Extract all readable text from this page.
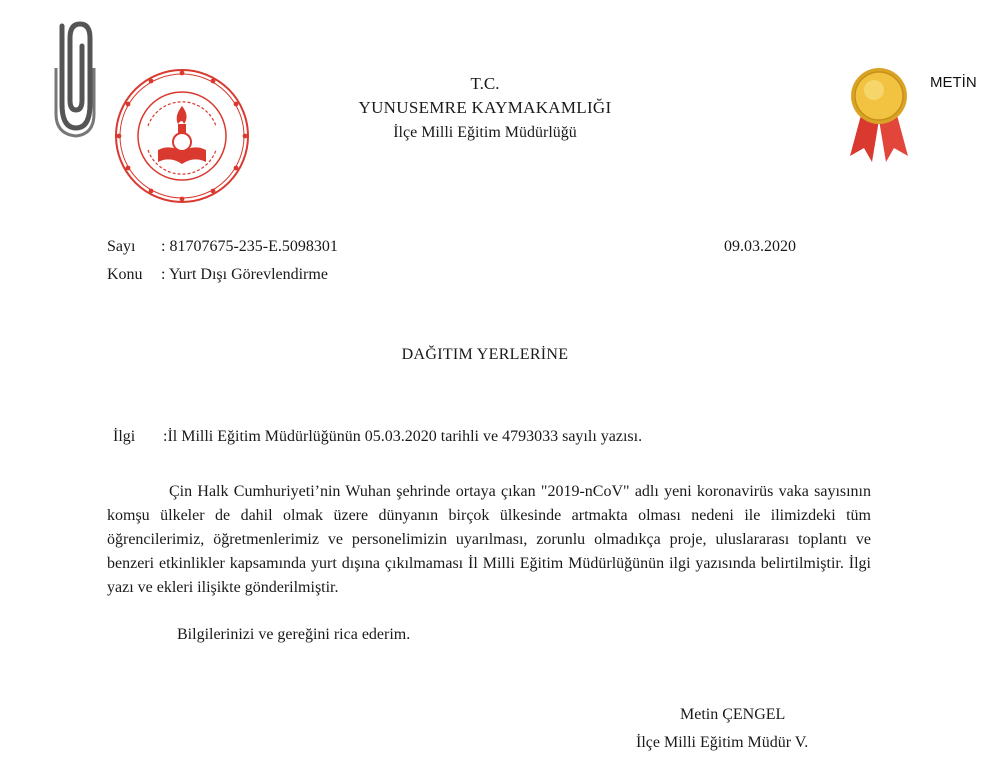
T.C.
YUNUSEMRE KAYMAKAMLIĞI
İlçe Milli Eğitim Müdürlüğü
METİN
Sayı : 81707675-235-E.5098301	09.03.2020
Konu : Yurt Dışı Görevlendirme
DAĞITIM YERLERİNE
İlgi :İl Milli Eğitim Müdürlüğünün 05.03.2020 tarihli ve 4793033 sayılı yazısı.
Çin Halk Cumhuriyeti’nin Wuhan şehrinde ortaya çıkan "2019-nCoV" adlı yeni koronavirüs vaka sayısının komşu ülkeler de dahil olmak üzere dünyanın birçok ülkesinde artmakta olması nedeni ile ilimizdeki tüm öğrencilerimiz, öğretmenlerimiz ve personelimizin uyarılması, zorunlu olmadıkça proje, uluslararası toplantı ve benzeri etkinlikler kapsamında yurt dışına çıkılmaması İl Milli Eğitim Müdürlüğünün ilgi yazısında belirtilmiştir. İlgi yazı ve ekleri ilişikte gönderilmiştir.
Bilgilerinizi ve gereğini rica ederim.
Metin ÇENGEL
İlçe Milli Eğitim Müdür V.
